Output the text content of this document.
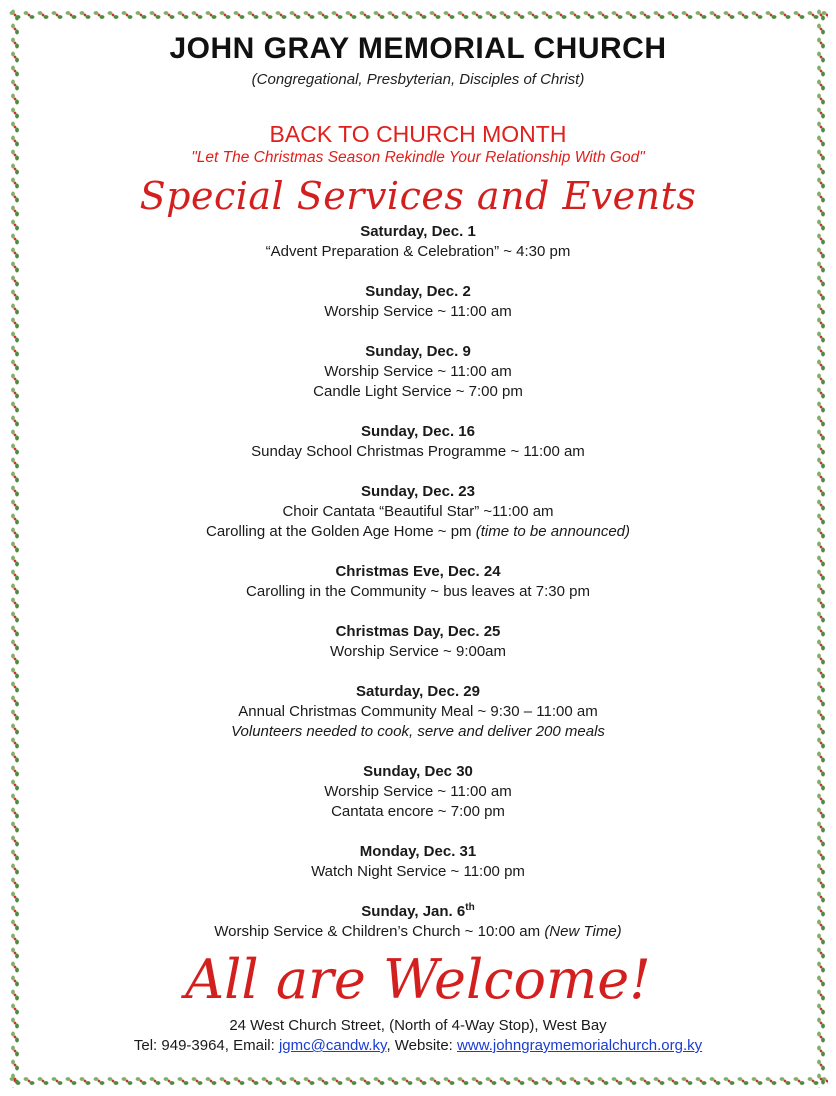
JOHN GRAY MEMORIAL CHURCH
(Congregational, Presbyterian, Disciples of Christ)
BACK TO CHURCH MONTH
"Let The Christmas Season Rekindle Your Relationship With God"
Special Services and Events
Saturday, Dec. 1
“Advent Preparation & Celebration” ~ 4:30 pm
Sunday, Dec. 2
Worship Service ~ 11:00 am
Sunday, Dec. 9
Worship Service ~ 11:00 am
Candle Light Service ~ 7:00 pm
Sunday, Dec. 16
Sunday School Christmas Programme ~ 11:00 am
Sunday, Dec. 23
Choir Cantata “Beautiful Star” ~11:00 am
Carolling at the Golden Age Home ~ pm (time to be announced)
Christmas Eve, Dec. 24
Carolling in the Community ~ bus leaves at 7:30 pm
Christmas Day, Dec. 25
Worship Service ~ 9:00am
Saturday, Dec. 29
Annual Christmas Community Meal ~ 9:30 – 11:00 am
Volunteers needed to cook, serve and deliver 200 meals
Sunday, Dec 30
Worship Service ~ 11:00 am
Cantata encore ~ 7:00 pm
Monday, Dec. 31
Watch Night Service ~ 11:00 pm
Sunday, Jan. 6th
Worship Service & Children’s Church ~ 10:00 am (New Time)
All are Welcome!
24 West Church Street, (North of 4-Way Stop), West Bay
Tel: 949-3964, Email: jgmc@candw.ky, Website: www.johngraymemorialchurch.org.ky
